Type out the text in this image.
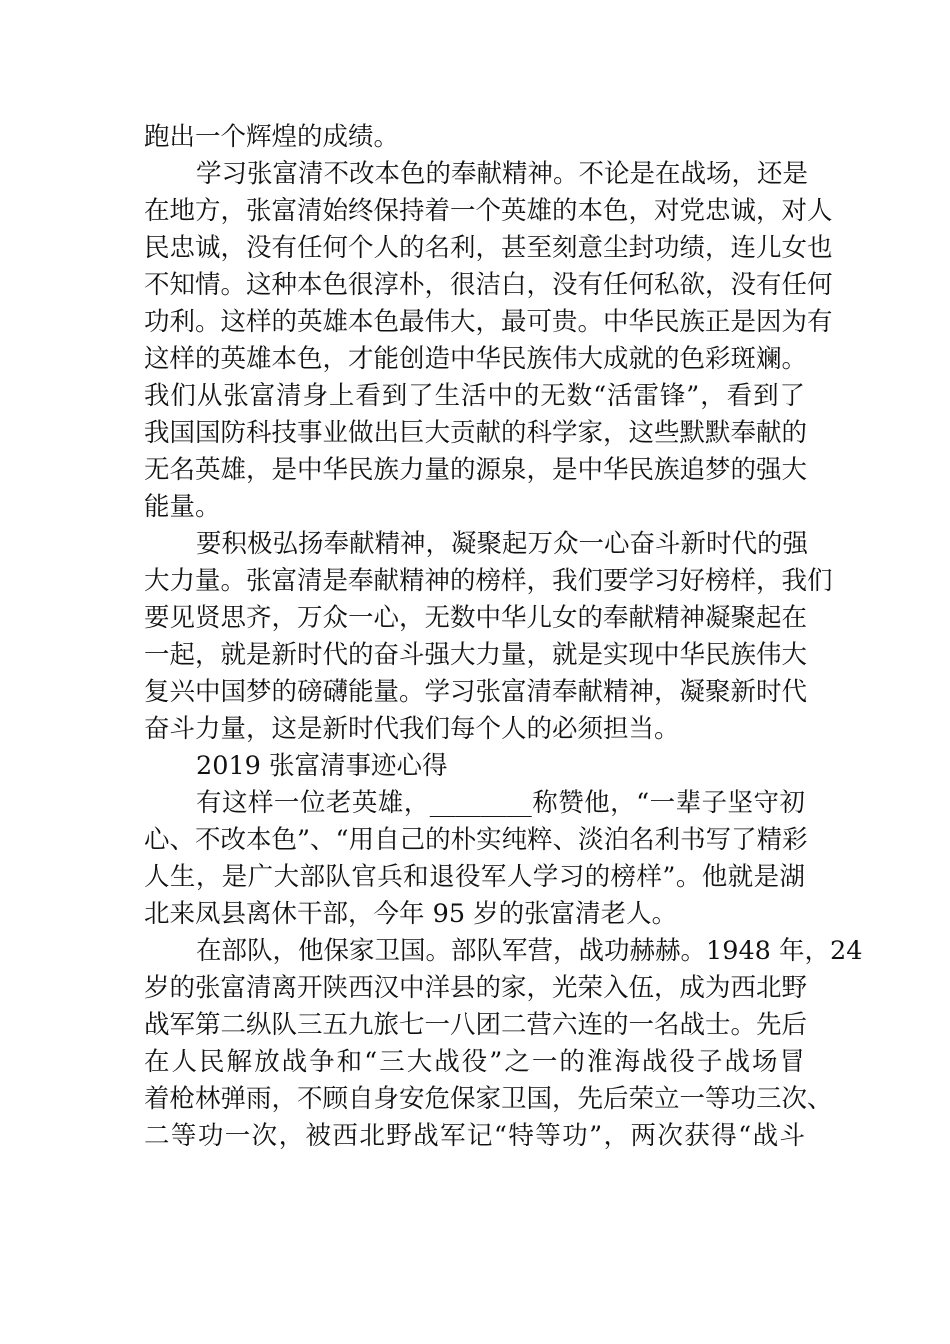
跑出一个辉煌的成绩。
学习张富清不改本色的奉献精神。不论是在战场，还是
在地方，张富清始终保持着一个英雄的本色，对党忠诚，对人
民忠诚，没有任何个人的名利，甚至刻意尘封功绩，连儿女也
不知情。这种本色很淳朴，很洁白，没有任何私欲，没有任何
功利。这样的英雄本色最伟大，最可贵。中华民族正是因为有
这样的英雄本色，才能创造中华民族伟大成就的色彩斑斓。
我们从张富清身上看到了生活中的无数“活雷锋”，看到了
我国国防科技事业做出巨大贡献的科学家，这些默默奉献的
无名英雄，是中华民族力量的源泉，是中华民族追梦的强大
能量。
要积极弘扬奉献精神，凝聚起万众一心奋斗新时代的强
大力量。张富清是奉献精神的榜样，我们要学习好榜样，我们
要见贤思齐，万众一心，无数中华儿女的奉献精神凝聚起在
一起，就是新时代的奋斗强大力量，就是实现中华民族伟大
复兴中国梦的磅礴能量。学习张富清奉献精神，凝聚新时代
奋斗力量，这是新时代我们每个人的必须担当。
2019 张富清事迹心得
有这样一位老英雄，________称赞他，“一辈子坚守初
心、不改本色”、“用自己的朴实纯粹、淡泊名利书写了精彩
人生，是广大部队官兵和退役军人学习的榜样”。他就是湖
北来凤县离休干部，今年 95 岁的张富清老人。
在部队，他保家卫国。部队军营，战功赫赫。1948 年，24
岁的张富清离开陕西汉中洋县的家，光荣入伍，成为西北野
战军第二纵队三五九旅七一八团二营六连的一名战士。先后
在人民解放战争和“三大战役”之一的淮海战役子战场冒
着枪林弹雨，不顾自身安危保家卫国，先后荣立一等功三次、
二等功一次，被西北野战军记“特等功”，两次获得“战斗
